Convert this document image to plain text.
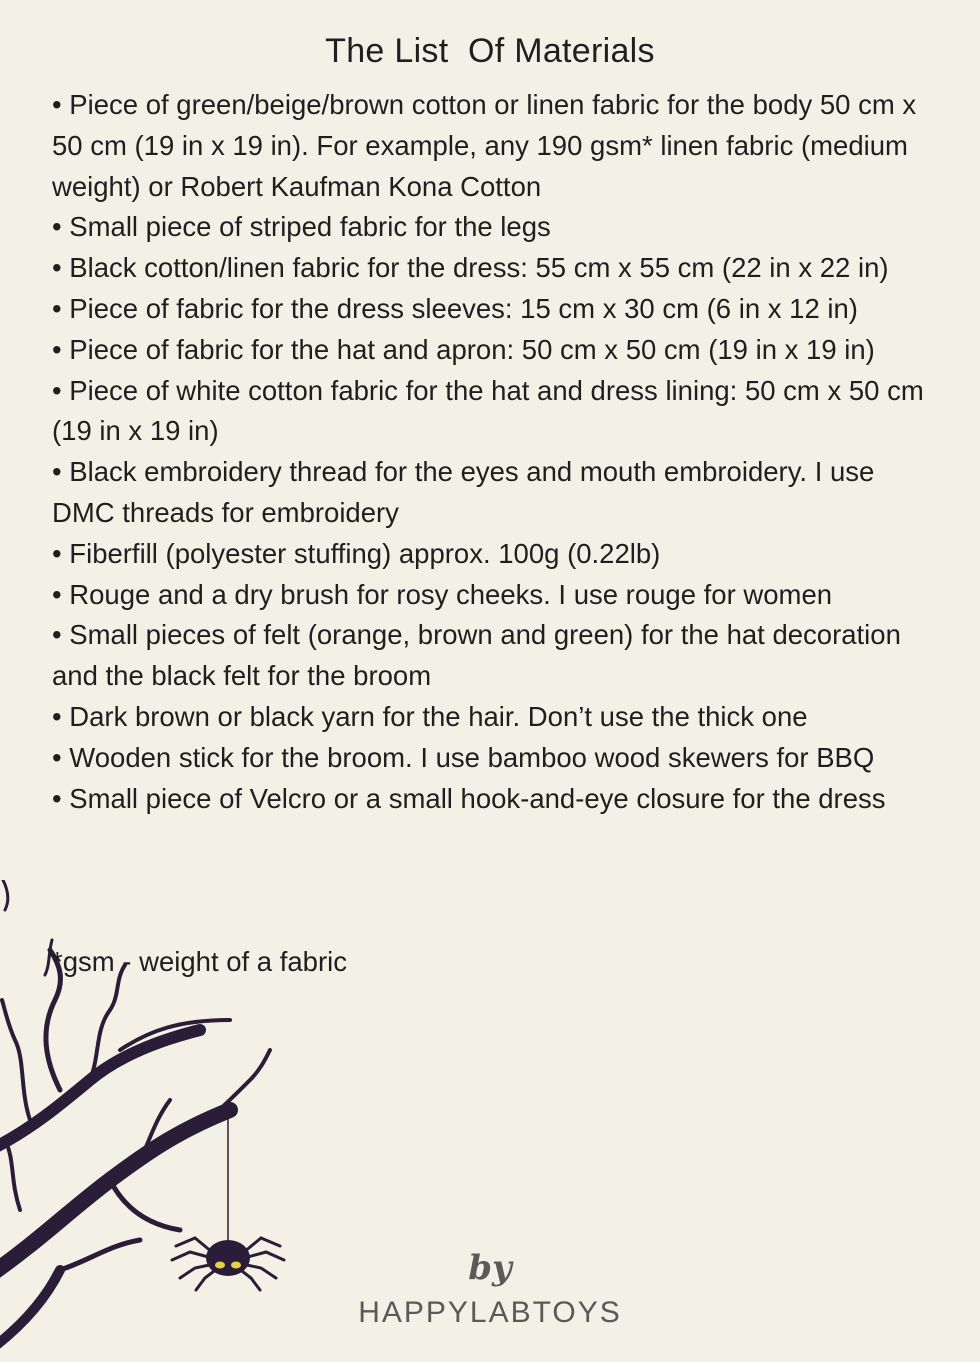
The List  Of Materials
• Piece of green/beige/brown cotton or linen fabric for the body 50 cm x 50 cm (19 in x 19 in). For example, any 190 gsm* linen fabric (medium weight) or Robert Kaufman Kona Cotton
• Small piece of striped fabric for the legs
• Black cotton/linen fabric for the dress: 55 cm x 55 cm (22 in x 22 in)
• Piece of fabric for the dress sleeves: 15 cm x 30 cm (6 in x 12 in)
• Piece of fabric for the hat and apron: 50 cm x 50 cm (19 in x 19 in)
• Piece of white cotton fabric for the hat and dress lining: 50 cm x 50 cm (19 in x 19 in)
• Black embroidery thread for the eyes and mouth embroidery. I use DMC threads for embroidery
• Fiberfill (polyester stuffing) approx. 100g (0.22lb)
• Rouge and a dry brush for rosy cheeks. I use rouge for women
• Small pieces of felt (orange, brown and green) for the hat decoration and the black felt for the broom
• Dark brown or black yarn for the hair. Don’t use the thick one
• Wooden stick for the broom. I use bamboo wood skewers for BBQ
• Small piece of Velcro or a small hook-and-eye closure for the dress
*gsm - weight of a fabric
by
HAPPYLABTOYS
